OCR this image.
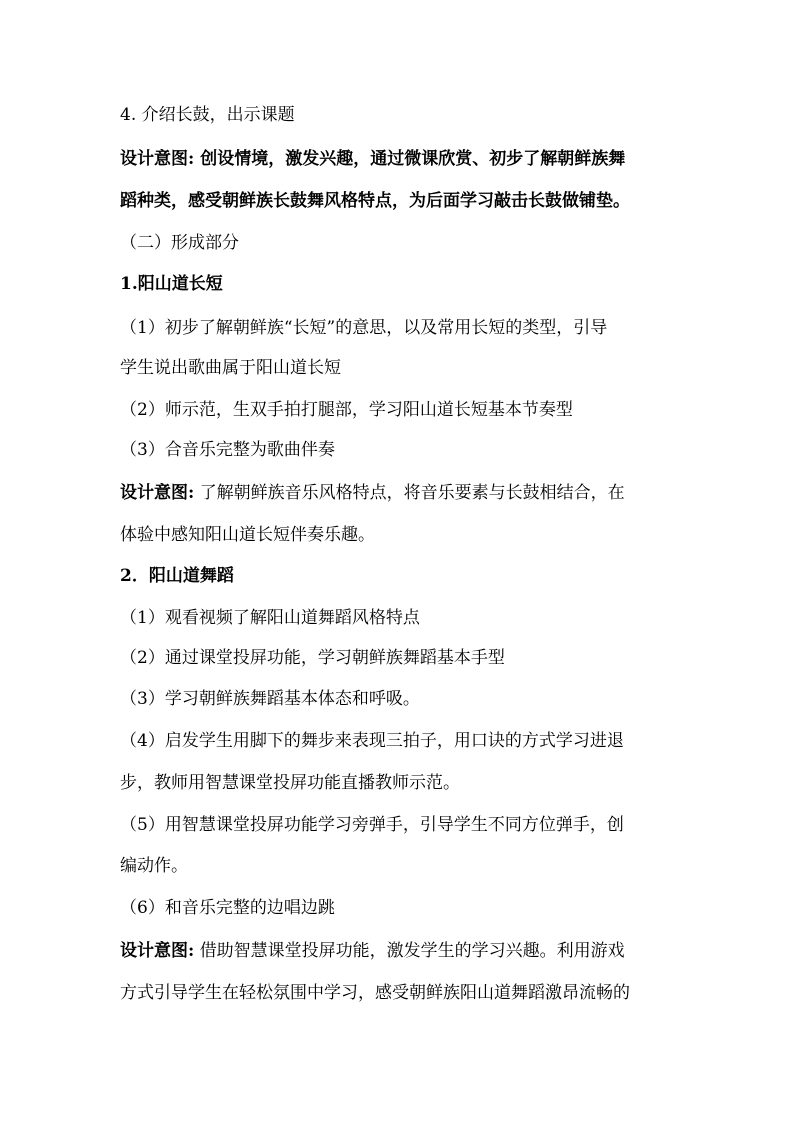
4. 介绍长鼓，出示课题
设计意图: 创设情境，激发兴趣，通过微课欣赏、初步了解朝鲜族舞
蹈种类，感受朝鲜族长鼓舞风格特点，为后面学习敲击长鼓做铺垫。
（二）形成部分
1.阳山道长短
（1）初步了解朝鲜族“长短”的意思，以及常用长短的类型，引导
学生说出歌曲属于阳山道长短
（2）师示范，生双手拍打腿部，学习阳山道长短基本节奏型
（3）合音乐完整为歌曲伴奏
设计意图: 了解朝鲜族音乐风格特点，将音乐要素与长鼓相结合，在
体验中感知阳山道长短伴奏乐趣。
2．阳山道舞蹈
（1）观看视频了解阳山道舞蹈风格特点
（2）通过课堂投屏功能，学习朝鲜族舞蹈基本手型
（3）学习朝鲜族舞蹈基本体态和呼吸。
（4）启发学生用脚下的舞步来表现三拍子，用口诀的方式学习进退
步，教师用智慧课堂投屏功能直播教师示范。
（5）用智慧课堂投屏功能学习旁弹手，引导学生不同方位弹手，创
编动作。
（6）和音乐完整的边唱边跳
设计意图: 借助智慧课堂投屏功能，激发学生的学习兴趣。利用游戏
方式引导学生在轻松氛围中学习，感受朝鲜族阳山道舞蹈激昂流畅的
